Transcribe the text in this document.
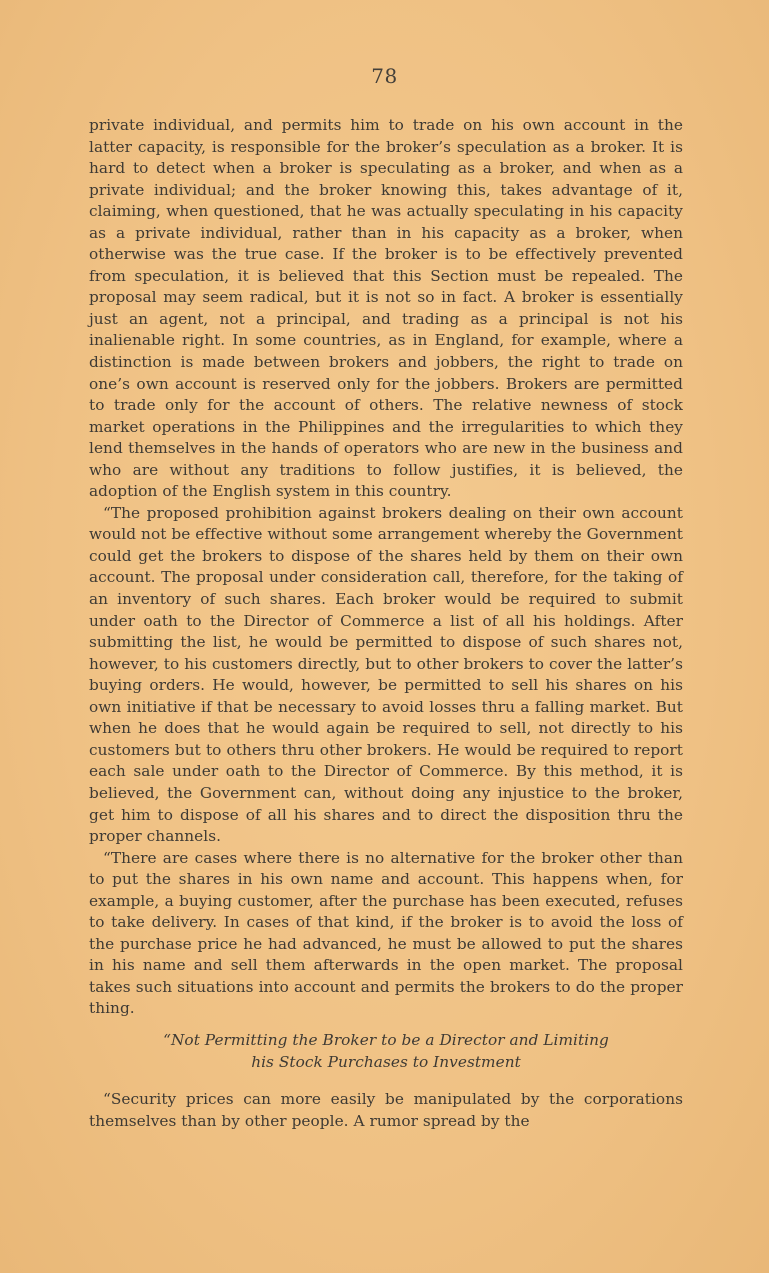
78

private individual, and permits him to trade on his own account in the latter capacity, is responsible for the broker’s speculation as a broker. It is hard to detect when a broker is speculating as a broker, and when as a private individual; and the broker knowing this, takes advantage of it, claiming, when questioned, that he was actually speculating in his capacity as a private individual, rather than in his capacity as a broker, when otherwise was the true case. If the broker is to be effectively prevented from speculation, it is believed that this Section must be repealed. The proposal may seem radical, but it is not so in fact. A broker is essentially just an agent, not a principal, and trading as a principal is not his inalienable right. In some countries, as in England, for example, where a distinction is made between brokers and jobbers, the right to trade on one’s own account is reserved only for the jobbers. Brokers are permitted to trade only for the account of others. The relative newness of stock market operations in the Philippines and the irregularities to which they lend themselves in the hands of operators who are new in the business and who are without any traditions to follow justifies, it is believed, the adoption of the English system in this country.

“The proposed prohibition against brokers dealing on their own account would not be effective without some arrangement whereby the Government could get the brokers to dispose of the shares held by them on their own account. The proposal under consideration call, therefore, for the taking of an inventory of such shares. Each broker would be required to submit under oath to the Director of Commerce a list of all his holdings. After submitting the list, he would be permitted to dispose of such shares not, however, to his customers directly, but to other brokers to cover the latter’s buying orders. He would, however, be permitted to sell his shares on his own initiative if that be necessary to avoid losses thru a falling market. But when he does that he would again be required to sell, not directly to his customers but to others thru other brokers. He would be required to report each sale under oath to the Director of Commerce. By this method, it is believed, the Government can, without doing any injustice to the broker, get him to dispose of all his shares and to direct the disposition thru the proper channels.

“There are cases where there is no alternative for the broker other than to put the shares in his own name and account. This happens when, for example, a buying customer, after the purchase has been executed, refuses to take delivery. In cases of that kind, if the broker is to avoid the loss of the purchase price he had advanced, he must be allowed to put the shares in his name and sell them afterwards in the open market. The proposal takes such situations into account and permits the brokers to do the proper thing.

“Not Permitting the Broker to be a Director and Limiting
his Stock Purchases to Investment

“Security prices can more easily be manipulated by the corporations themselves than by other people. A rumor spread by the
